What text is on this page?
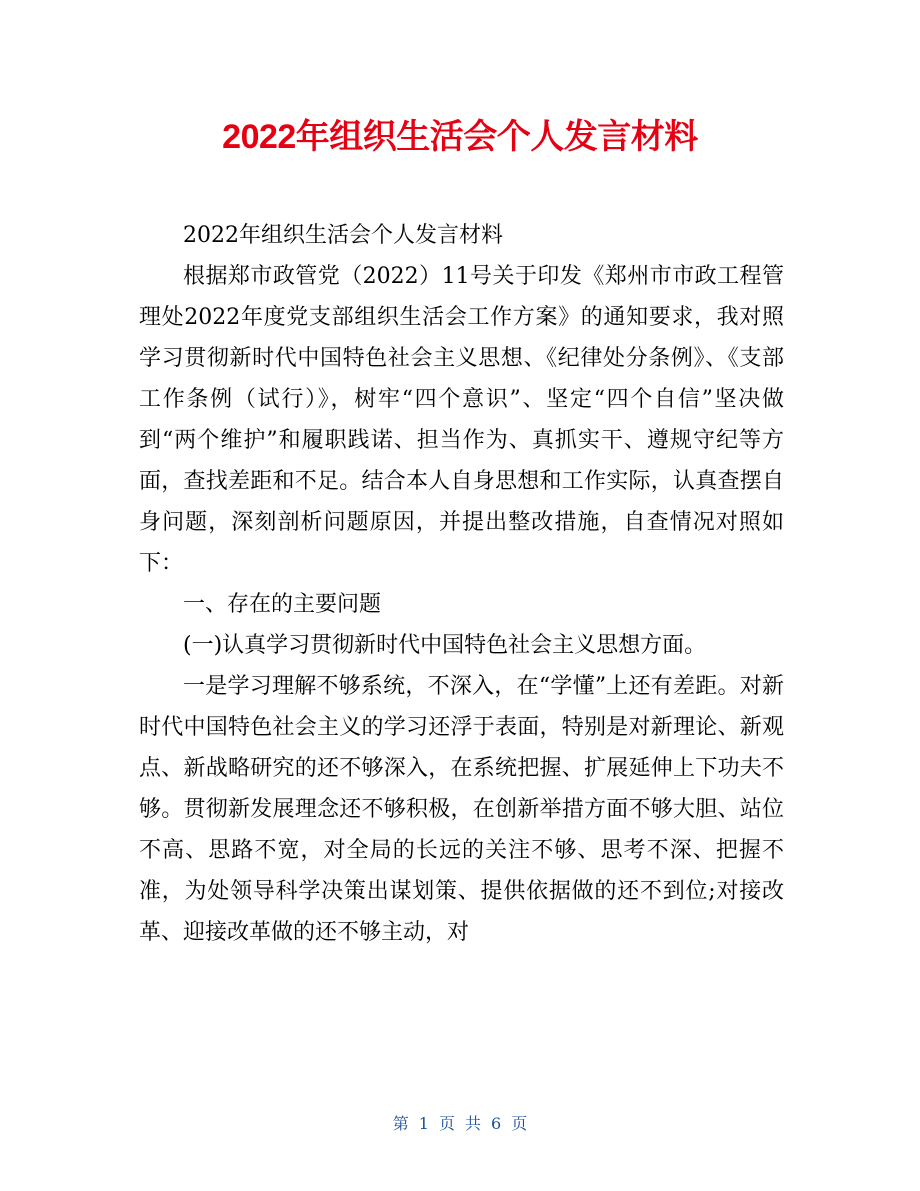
2022年组织生活会个人发言材料

2022年组织生活会个人发言材料

根据郑市政管党（2022）11号关于印发《郑州市市政工程管理处2022年度党支部组织生活会工作方案》的通知要求，我对照学习贯彻新时代中国特色社会主义思想、《纪律处分条例》、《支部工作条例（试行）》，树牢“四个意识”、坚定“四个自信”坚决做到“两个维护”和履职践诺、担当作为、真抓实干、遵规守纪等方面，查找差距和不足。结合本人自身思想和工作实际，认真查摆自身问题，深刻剖析问题原因，并提出整改措施，自查情况对照如下：

一、存在的主要问题

(一)认真学习贯彻新时代中国特色社会主义思想方面。

一是学习理解不够系统，不深入，在“学懂”上还有差距。对新时代中国特色社会主义的学习还浮于表面，特别是对新理论、新观点、新战略研究的还不够深入，在系统把握、扩展延伸上下功夫不够。贯彻新发展理念还不够积极，在创新举措方面不够大胆、站位不高、思路不宽，对全局的长远的关注不够、思考不深、把握不准，为处领导科学决策出谋划策、提供依据做的还不到位;对接改革、迎接改革做的还不够主动，对

第 1 页 共 6 页
